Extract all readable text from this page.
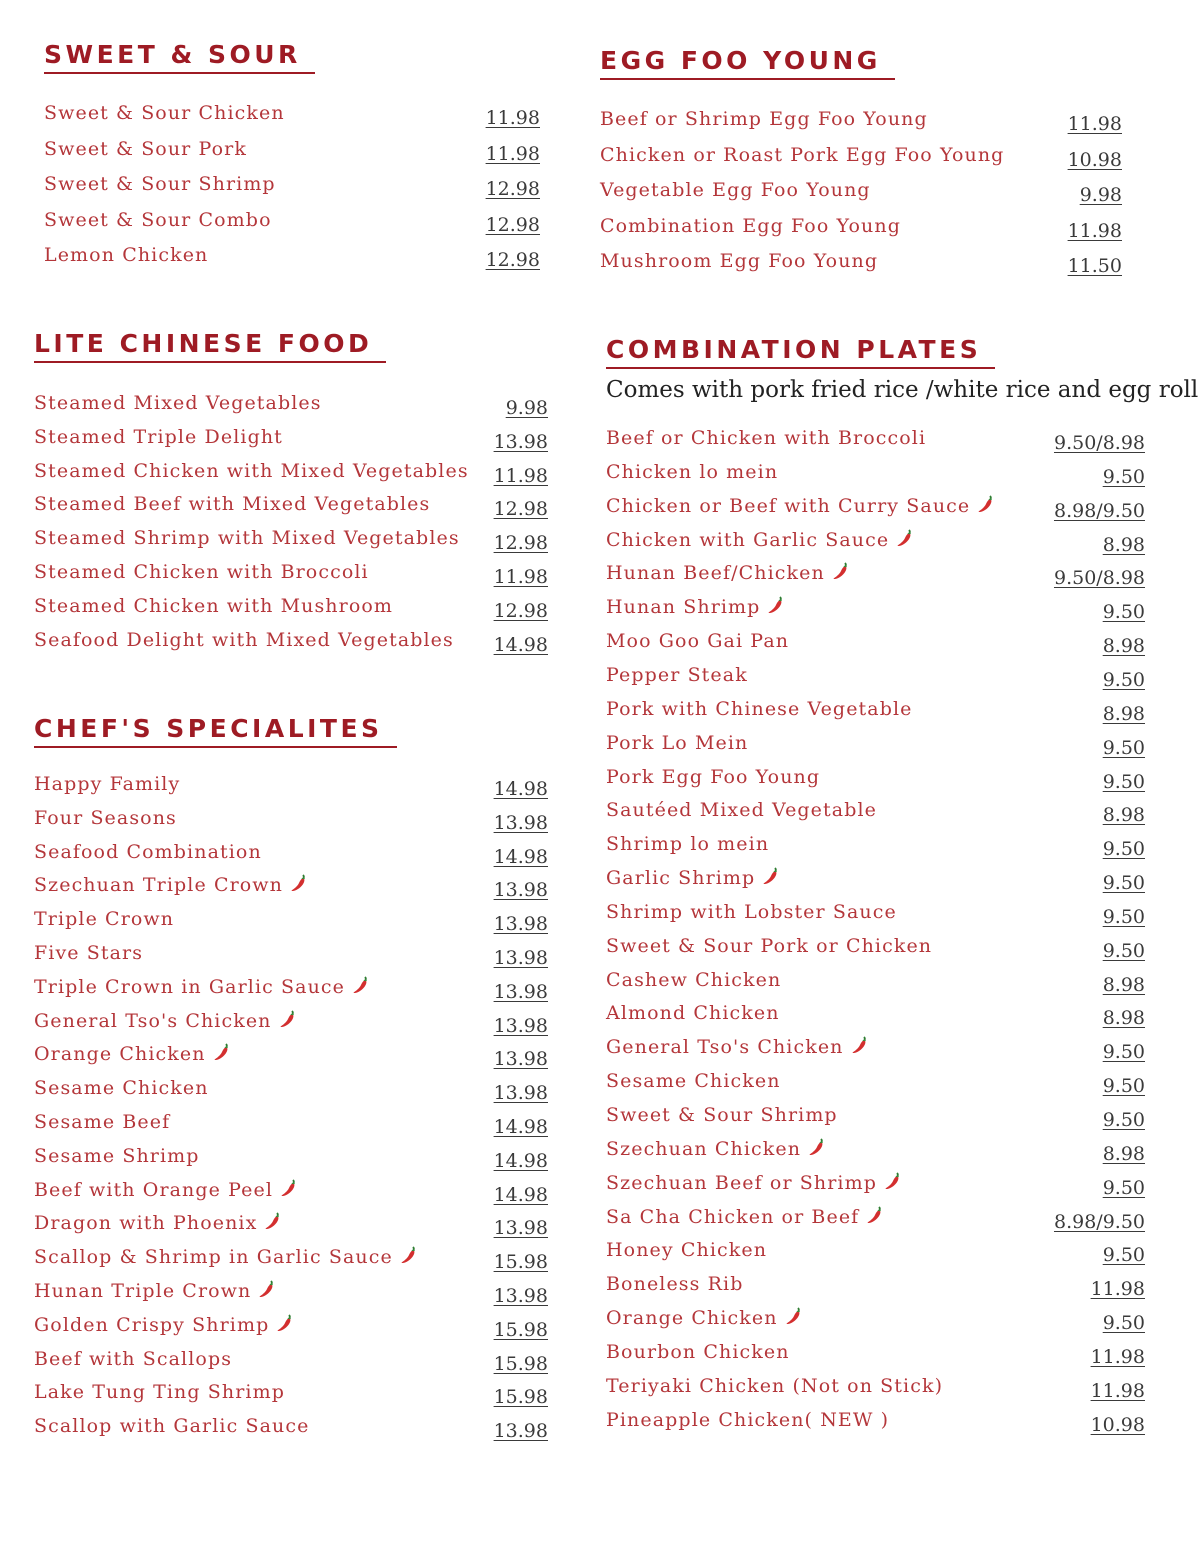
SWEET & SOUR
Sweet & Sour Chicken	11.98
Sweet & Sour Pork	11.98
Sweet & Sour Shrimp	12.98
Sweet & Sour Combo	12.98
Lemon Chicken	12.98
EGG FOO YOUNG
Beef or Shrimp Egg Foo Young	11.98
Chicken or Roast Pork Egg Foo Young	10.98
Vegetable Egg Foo Young	9.98
Combination Egg Foo Young	11.98
Mushroom Egg Foo Young	11.50
LITE CHINESE FOOD
Steamed Mixed Vegetables	9.98
Steamed Triple Delight	13.98
Steamed Chicken with Mixed Vegetables 11.98
Steamed Beef with Mixed Vegetables	12.98
Steamed Shrimp with Mixed Vegetables 12.98
Steamed Chicken with Broccoli	11.98
Steamed Chicken with Mushroom	12.98
Seafood Delight with Mixed Vegetables 14.98
COMBINATION PLATES
Comes with pork fried rice /white rice and egg roll
Beef or Chicken with Broccoli	9.50/8.98
Chicken lo mein	9.50
Chicken or Beef with Curry Sauce	8.98/9.50
Chicken with Garlic Sauce	8.98
Hunan Beef/Chicken	9.50/8.98
Hunan Shrimp	9.50
Moo Goo Gai Pan	8.98
Pepper Steak	9.50
Pork with Chinese Vegetable	8.98
Pork Lo Mein	9.50
Pork Egg Foo Young	9.50
Sautéed Mixed Vegetable	8.98
Shrimp lo mein	9.50
Garlic Shrimp	9.50
Shrimp with Lobster Sauce	9.50
Sweet & Sour Pork or Chicken	9.50
Cashew Chicken	8.98
Almond Chicken	8.98
General Tso's Chicken	9.50
Sesame Chicken	9.50
Sweet & Sour Shrimp	9.50
Szechuan Chicken	8.98
Szechuan Beef or Shrimp	9.50
Sa Cha Chicken or Beef	8.98/9.50
Honey Chicken	9.50
Boneless Rib	11.98
Orange Chicken	9.50
Bourbon Chicken	11.98
Teriyaki Chicken (Not on Stick)	11.98
Pineapple Chicken( NEW )	10.98
CHEF'S SPECIALITES
Happy Family	14.98
Four Seasons	13.98
Seafood Combination	14.98
Szechuan Triple Crown	13.98
Triple Crown	13.98
Five Stars	13.98
Triple Crown in Garlic Sauce	13.98
General Tso's Chicken	13.98
Orange Chicken	13.98
Sesame Chicken	13.98
Sesame Beef	14.98
Sesame Shrimp	14.98
Beef with Orange Peel	14.98
Dragon with Phoenix	13.98
Scallop & Shrimp in Garlic Sauce	15.98
Hunan Triple Crown	13.98
Golden Crispy Shrimp	15.98
Beef with Scallops	15.98
Lake Tung Ting Shrimp	15.98
Scallop with Garlic Sauce	13.98
